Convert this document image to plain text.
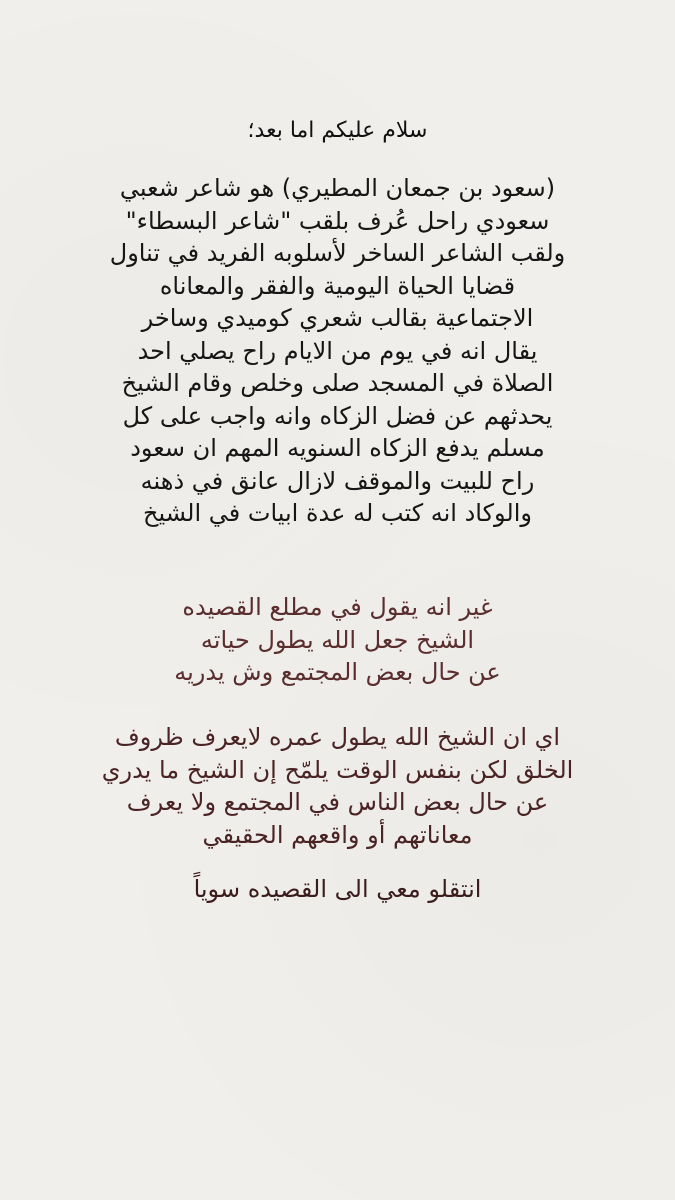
سلام عليكم اما بعد؛
(سعود بن جمعان المطيري) هو شاعر شعبي
سعودي راحل عُرف بلقب "شاعر البسطاء"
ولقب الشاعر الساخر لأسلوبه الفريد في تناول
قضايا الحياة اليومية والفقر والمعاناه
الاجتماعية بقالب شعري كوميدي وساخر
يقال انه في يوم من الايام راح يصلي احد
الصلاة في المسجد صلى وخلص وقام الشيخ
يحدثهم عن فضل الزكاه وانه واجب على كل
مسلم يدفع الزكاه السنويه المهم ان سعود
راح للبيت والموقف لازال عانق في ذهنه
والوكاد انه كتب له عدة ابيات في الشيخ
غير انه يقول في مطلع القصيده
الشيخ جعل الله يطول حياته
عن حال بعض المجتمع وش يدريه
اي ان الشيخ الله يطول عمره لايعرف ظروف
الخلق لكن بنفس الوقت يلمّح إن الشيخ ما يدري
عن حال بعض الناس في المجتمع ولا يعرف
معاناتهم أو واقعهم الحقيقي
انتقلو معي الى القصيده سوياً
